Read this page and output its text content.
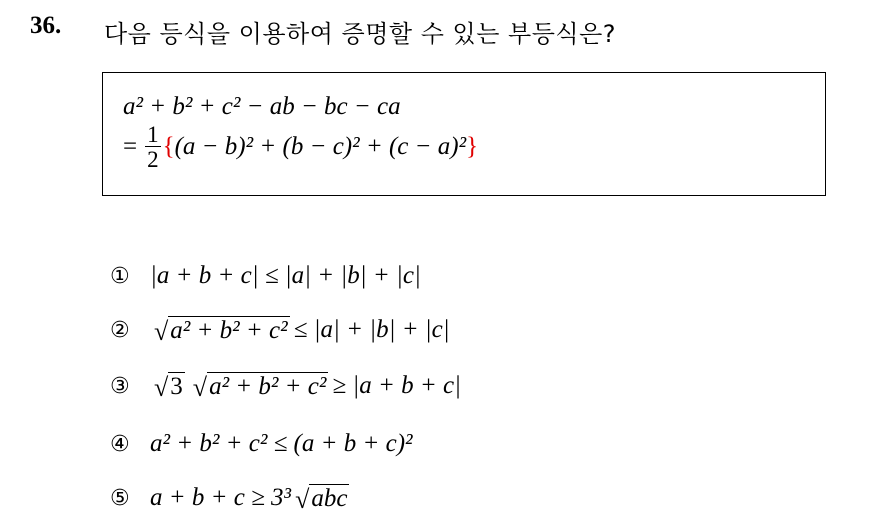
36. 다음 등식을 이용하여 증명할 수 있는 부등식은?
a² + b² + c² − ab − bc − ca
= $\frac{1}{2}$ { (a − b)² + (b − c)² + (c − a)² }
① |a + b + c| ≤ |a| + |b| + |c|
② √ a² + b² + c² ≤ |a| + |b| + |c|
③ √ 3 √ a² + b² + c² ≥ |a + b + c|
④ a² + b² + c² ≤ (a + b + c)²
⑤ a + b + c ≥ 3³ √ abc
